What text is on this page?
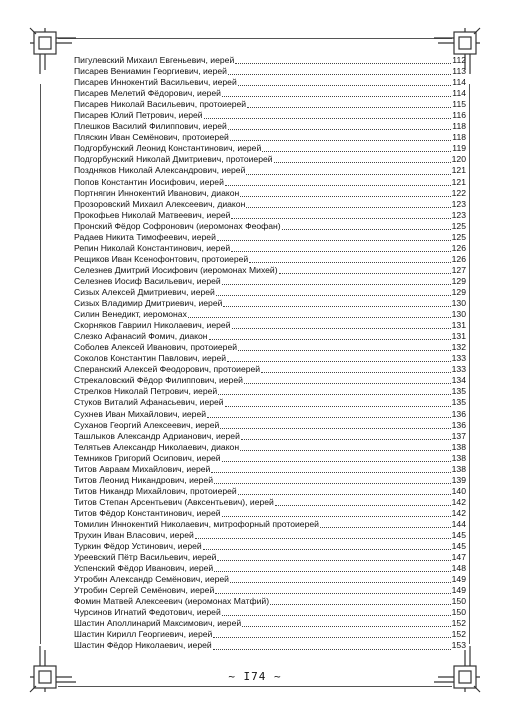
Пигулевский Михаил Евгеньевич, иерей	112
Писарев Вениамин Георгиевич, иерей	113
Писарев Иннокентий Васильевич, иерей	114
Писарев Мелетий Фёдорович, иерей	114
Писарев Николай Васильевич, протоиерей	115
Писарев Юлий Петрович, иерей	116
Плешков Василий Филиппович, иерей	118
Пляскин Иван Семёнович, протоиерей	118
Подгорбунский Леонид Константинович, иерей	119
Подгорбунский Николай Дмитриевич, протоиерей	120
Поздняков Николай Александрович, иерей	121
Попов Константин Иосифович, иерей	121
Портнягин Иннокентий Иванович, диакон	122
Прозоровский Михаил Алексеевич, диакон	123
Прокофьев Николай Матвеевич, иерей	123
Пронский Фёдор Софронович (иеромонах Феофан)	125
Радаев Никита Тимофеевич, иерей	125
Репин Николай Константинович, иерей	126
Рещиков Иван Ксенофонтович, протоиерей	126
Селезнев Дмитрий Иосифович (иеромонах Михей)	127
Селезнев Иосиф Васильевич, иерей	129
Сизых Алексей Дмитриевич, иерей	129
Сизых Владимир Дмитриевич, иерей	130
Силин Венедикт, иеромонах	130
Скорняков Гавриил Николаевич, иерей	131
Слезко Афанасий Фомич, диакон	131
Соболев Алексей Иванович, протоиерей	132
Соколов Константин Павлович, иерей	133
Сперанский Алексей Феодорович, протоиерей	133
Стрекаловский Фёдор Филиппович, иерей	134
Стрелков Николай Петрович, иерей	135
Стуков Виталий Афанасьевич, иерей	135
Сухнев Иван Михайлович, иерей	136
Суханов Георгий Алексеевич, иерей	136
Ташлыков Александр Адрианович, иерей	137
Телятьев Александр Николаевич, диакон	138
Темников Григорий Осипович, иерей	138
Титов Авраам Михайлович, иерей	138
Титов Леонид Никандрович, иерей	139
Титов Никандр Михайлович, протоиерей	140
Титов Степан Арсентьевич (Авксентьевич), иерей	142
Титов Фёдор Константинович, иерей	142
Томилин Иннокентий Николаевич, митрофорный протоиерей	144
Трухин Иван Власович, иерей	145
Туркин Фёдор Устинович, иерей	145
Уреевский Пётр Васильевич, иерей	147
Успенский Фёдор Иванович, иерей	148
Утробин Александр Семёнович, иерей	149
Утробин Сергей Семёнович, иерей	149
Фомин Матвей Алексеевич (иеромонах Матфий)	150
Чурсинов Игнатий Федотович, иерей	150
Шастин Аполлинарий Максимович, иерей	152
Шастин Кирилл Георгиевич, иерей	152
Шастин Фёдор Николаевич, иерей	153
~ I74 ~
